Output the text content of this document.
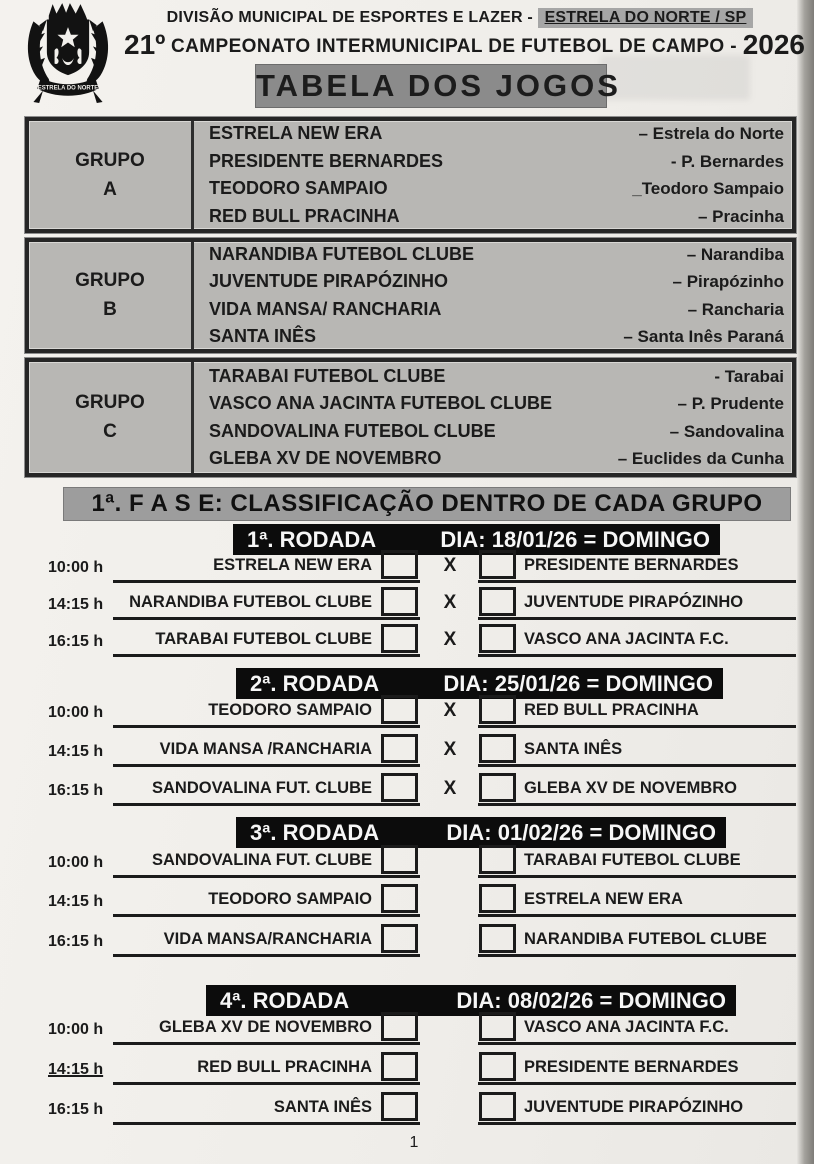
ESTRELA DO NORTE
DIVISÃO MUNICIPAL DE ESPORTES E LAZER - ESTRELA DO NORTE / SP
21º CAMPEONATO INTERMUNICIPAL DE FUTEBOL DE CAMPO - 2026
TABELA DOS JOGOS
GRUPO
A
ESTRELA NEW ERA	– Estrela do Norte
PRESIDENTE BERNARDES	- P. Bernardes
TEODORO SAMPAIO	_Teodoro Sampaio
RED BULL PRACINHA	– Pracinha
GRUPO
B
NARANDIBA FUTEBOL CLUBE	– Narandiba
JUVENTUDE PIRAPÓZINHO	– Pirapózinho
VIDA MANSA/ RANCHARIA	– Rancharia
SANTA INÊS	– Santa Inês Paraná
GRUPO
C
TARABAI FUTEBOL CLUBE	- Tarabai
VASCO ANA JACINTA FUTEBOL CLUBE	– P. Prudente
SANDOVALINA FUTEBOL CLUBE	– Sandovalina
GLEBA XV DE NOVEMBRO	– Euclides da Cunha
1ª. F A S E: CLASSIFICAÇÃO DENTRO DE CADA GRUPO
1ª. RODADA	DIA: 18/01/26 = DOMINGO
10:00 h	ESTRELA NEW ERA	X	PRESIDENTE BERNARDES
14:15 h NARANDIBA FUTEBOL CLUBE	X	JUVENTUDE PIRAPÓZINHO
16:15 h	TARABAI FUTEBOL CLUBE	X	VASCO ANA JACINTA F.C.
2ª. RODADA	DIA: 25/01/26 = DOMINGO
10:00 h	TEODORO SAMPAIO	X	RED BULL PRACINHA
14:15 h	VIDA MANSA /RANCHARIA	X	SANTA INÊS
16:15 h	SANDOVALINA FUT. CLUBE	X	GLEBA XV DE NOVEMBRO
3ª. RODADA	DIA: 01/02/26 = DOMINGO
10:00 h	SANDOVALINA FUT. CLUBE	TARABAI FUTEBOL CLUBE
14:15 h	TEODORO SAMPAIO	ESTRELA NEW ERA
16:15 h	VIDA MANSA/RANCHARIA	NARANDIBA FUTEBOL CLUBE
4ª. RODADA	DIA: 08/02/26 = DOMINGO
10:00 h	GLEBA XV DE NOVEMBRO	VASCO ANA JACINTA F.C.
14:15 h	RED BULL PRACINHA	PRESIDENTE BERNARDES
16:15 h	SANTA INÊS	JUVENTUDE PIRAPÓZINHO
1
